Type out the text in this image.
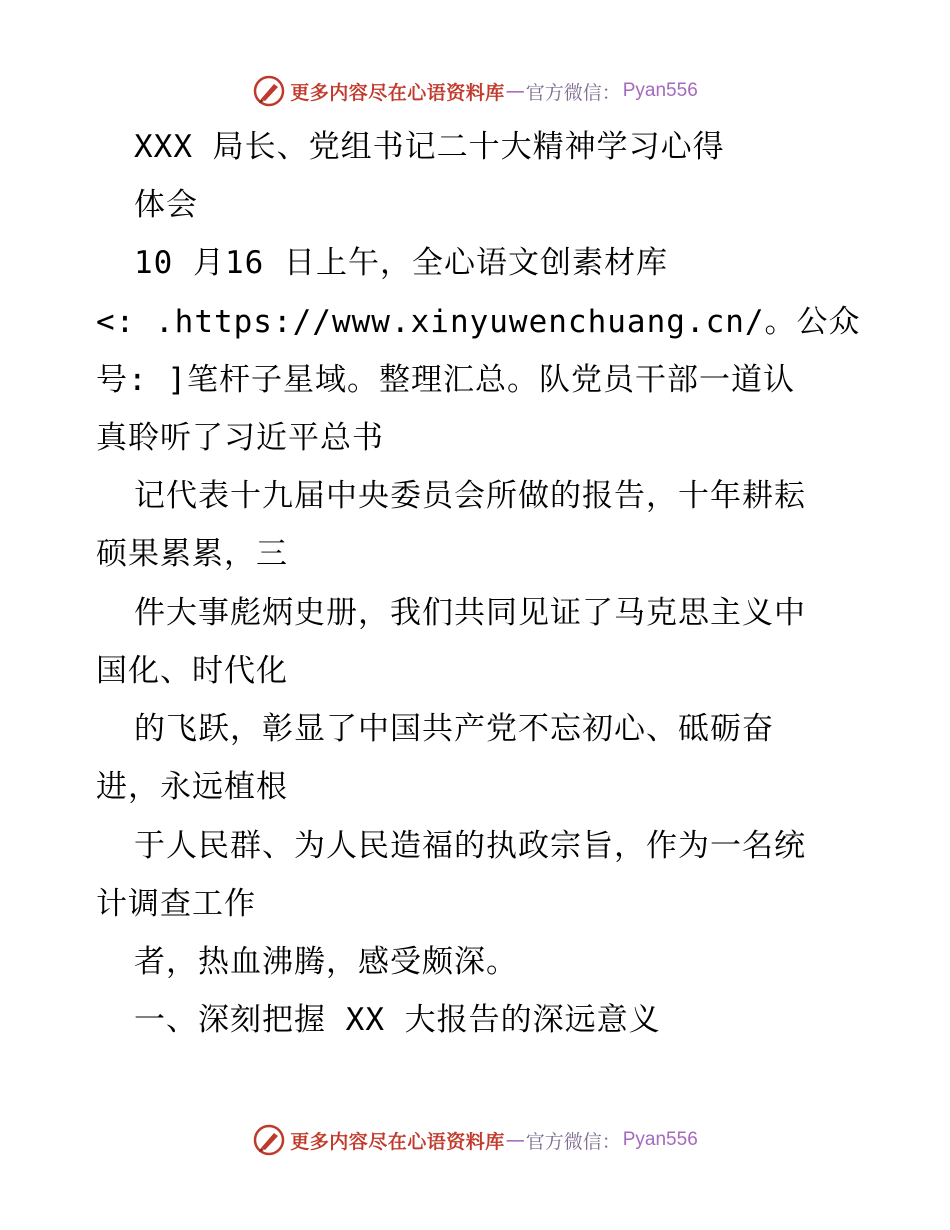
更多内容尽在心语资料库 — 官方微信： Pyan556
XXX 局长、党组书记二十大精神学习心得
体会
10 月16 日上午，全心语文创素材库
<: .https://www.xinyuwenchuang.cn/。公众
号: ]笔杆子星域。整理汇总。队党员干部一道认
真聆听了习近平总书
记代表十九届中央委员会所做的报告，十年耕耘
硕果累累，三
件大事彪炳史册，我们共同见证了马克思主义中
国化、时代化
的飞跃，彰显了中国共产党不忘初心、砥砺奋
进，永远植根
于人民群、为人民造福的执政宗旨，作为一名统
计调查工作
者，热血沸腾，感受颇深。
一、深刻把握 XX 大报告的深远意义
更多内容尽在心语资料库 — 官方微信： Pyan556
